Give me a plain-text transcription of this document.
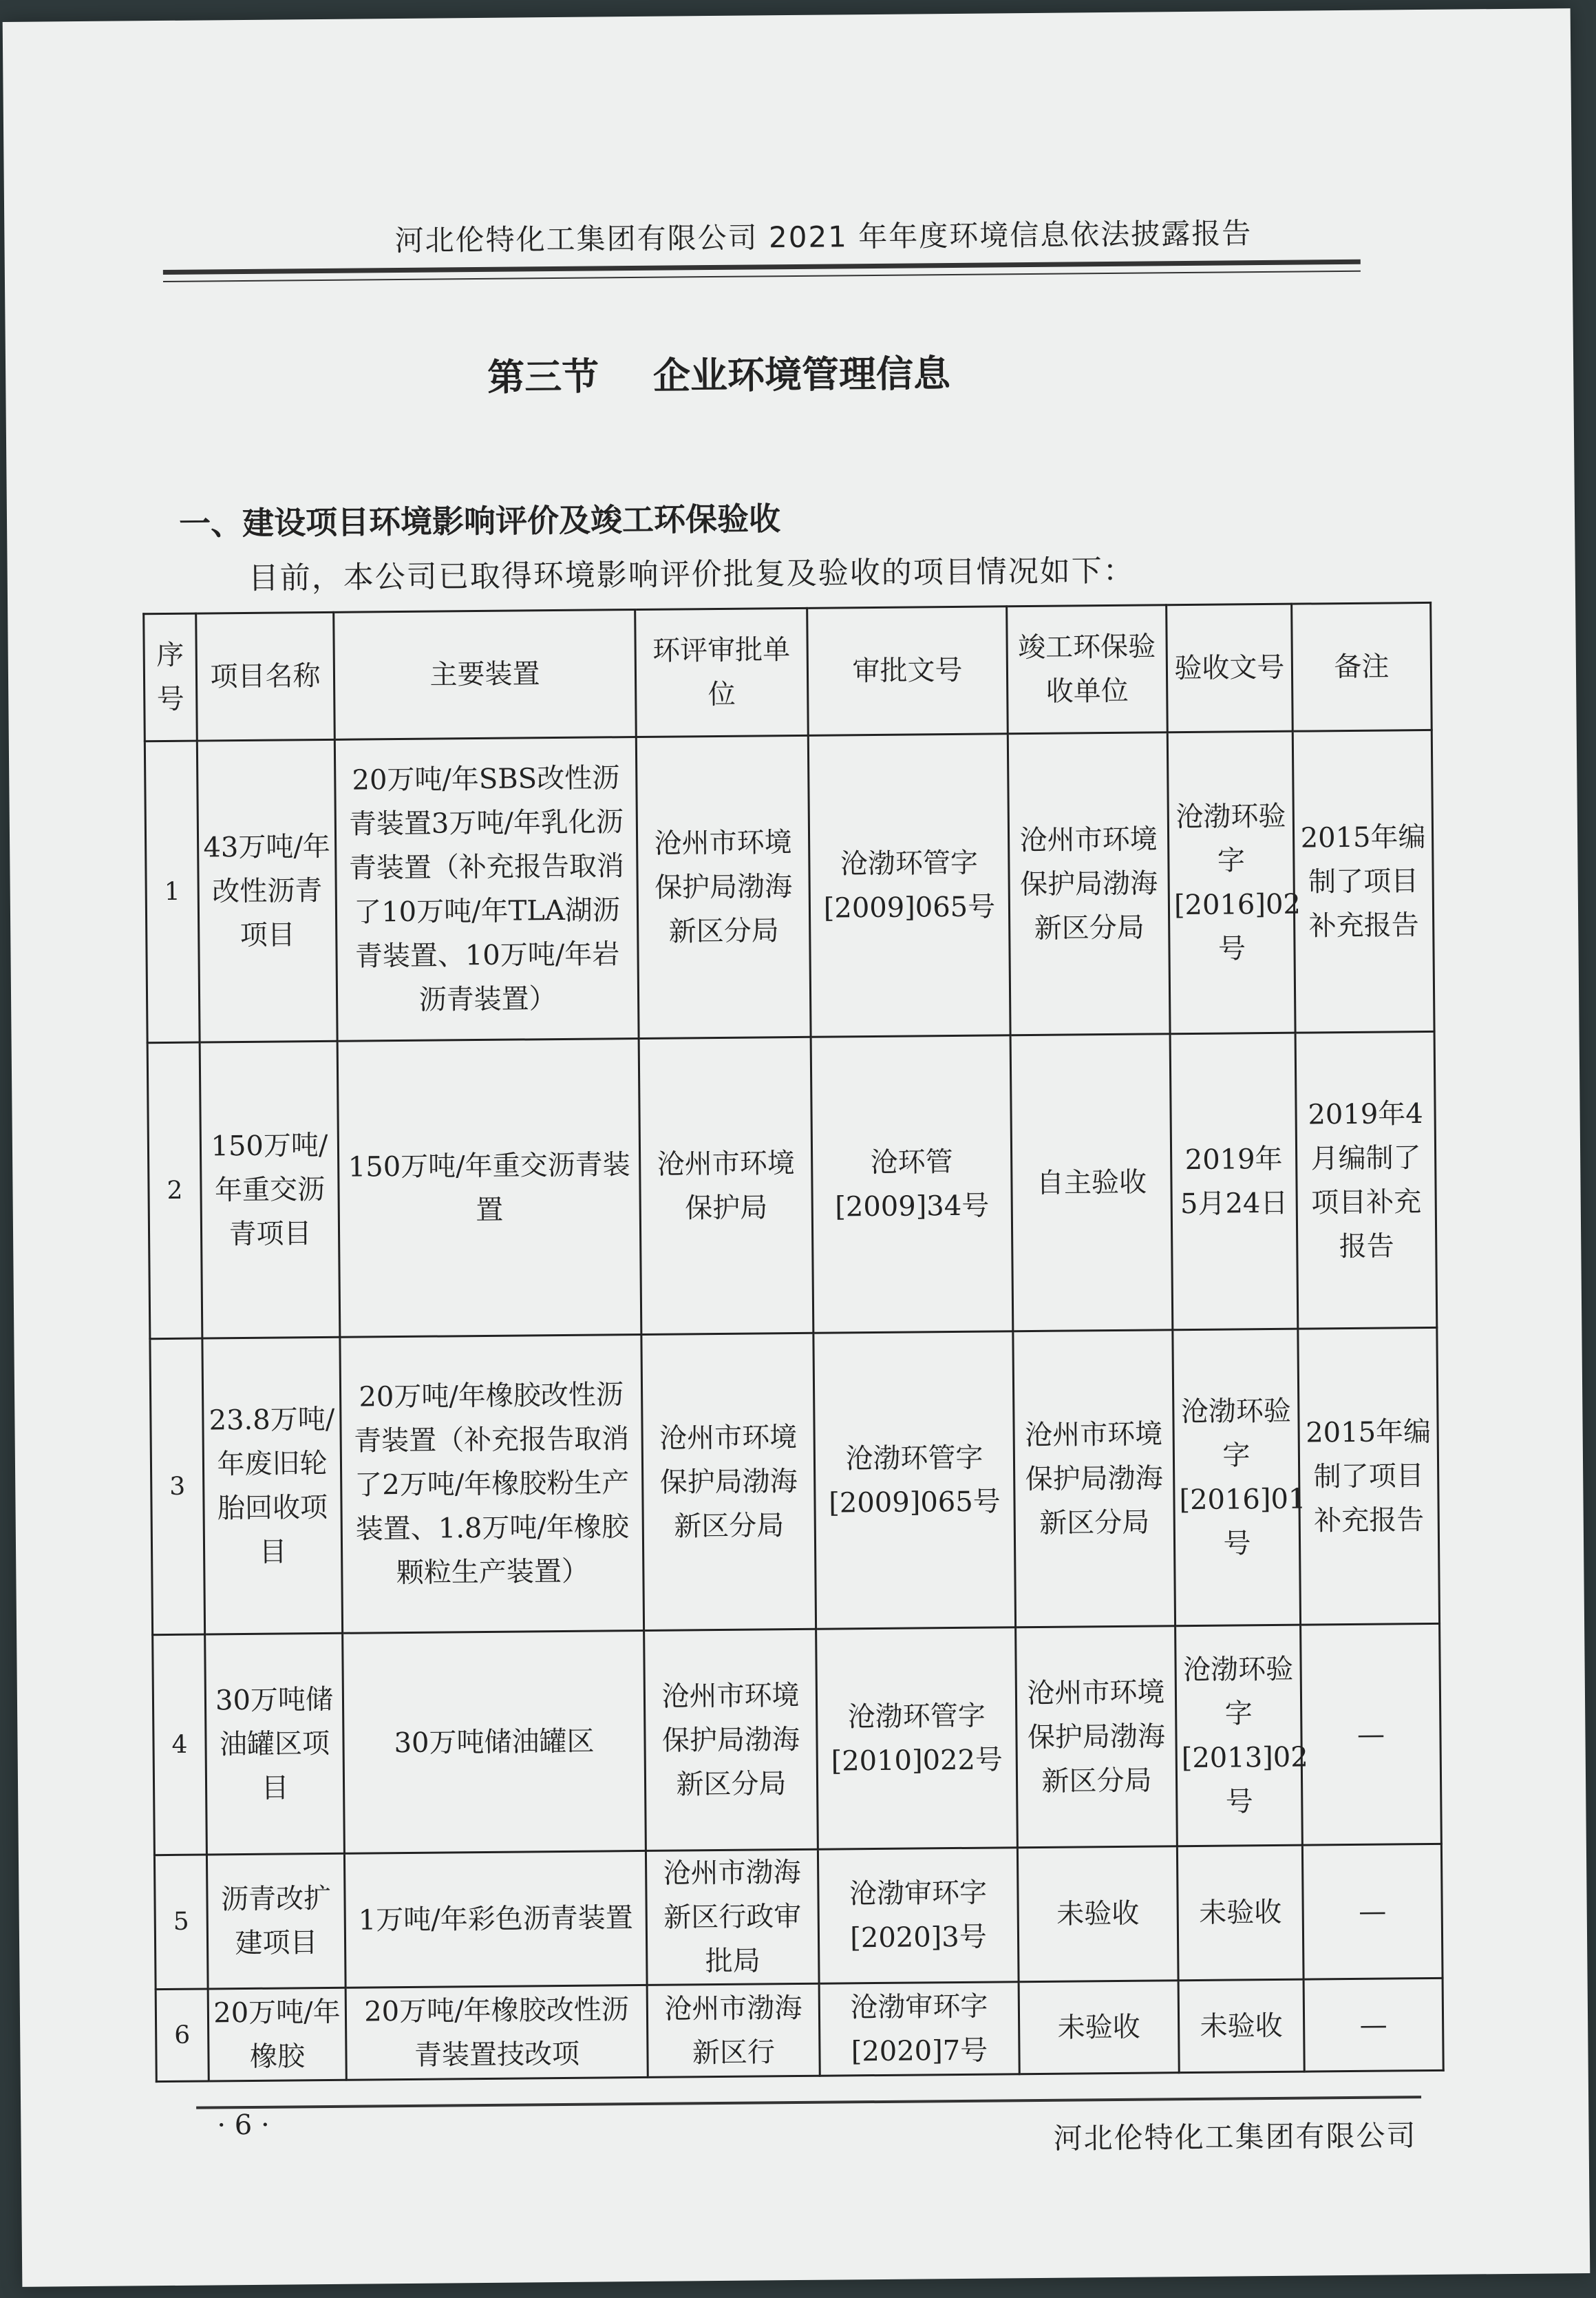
河北伦特化工集团有限公司 2021 年年度环境信息依法披露报告
第三节 企业环境管理信息
一、建设项目环境影响评价及竣工环保验收
目前，本公司已取得环境影响评价批复及验收的项目情况如下：
序号	项目名称	主要装置	环评审批单位	审批文号	竣工环保验收单位	验收文号	备注
1	43万吨/年改性沥青项目	20万吨/年SBS改性沥青装置3万吨/年乳化沥青装置（补充报告取消了10万吨/年TLA湖沥青装置、10万吨/年岩沥青装置）	沧州市环境保护局渤海新区分局	沧渤环管字[2009]065号	沧州市环境保护局渤海新区分局	沧渤环验字[2016]02号	2015年编制了项目补充报告
2	150万吨/年重交沥青项目	150万吨/年重交沥青装置	沧州市环境保护局	沧环管[2009]34号	自主验收	2019年5月24日	2019年4月编制了项目补充报告
3	23.8万吨/年废旧轮胎回收项目	20万吨/年橡胶改性沥青装置（补充报告取消了2万吨/年橡胶粉生产装置、1.8万吨/年橡胶颗粒生产装置）	沧州市环境保护局渤海新区分局	沧渤环管字[2009]065号	沧州市环境保护局渤海新区分局	沧渤环验字[2016]01号	2015年编制了项目补充报告
4	30万吨储油罐区项目	30万吨储油罐区	沧州市环境保护局渤海新区分局	沧渤环管字[2010]022号	沧州市环境保护局渤海新区分局	沧渤环验字[2013]02号	—
5	沥青改扩建项目	1万吨/年彩色沥青装置	沧州市渤海新区行政审批局	沧渤审环字[2020]3号	未验收	未验收	—
6	20万吨/年橡胶	20万吨/年橡胶改性沥青装置技改项	沧州市渤海新区行	沧渤审环字[2020]7号	未验收	未验收	—
· 6 ·	河北伦特化工集团有限公司
